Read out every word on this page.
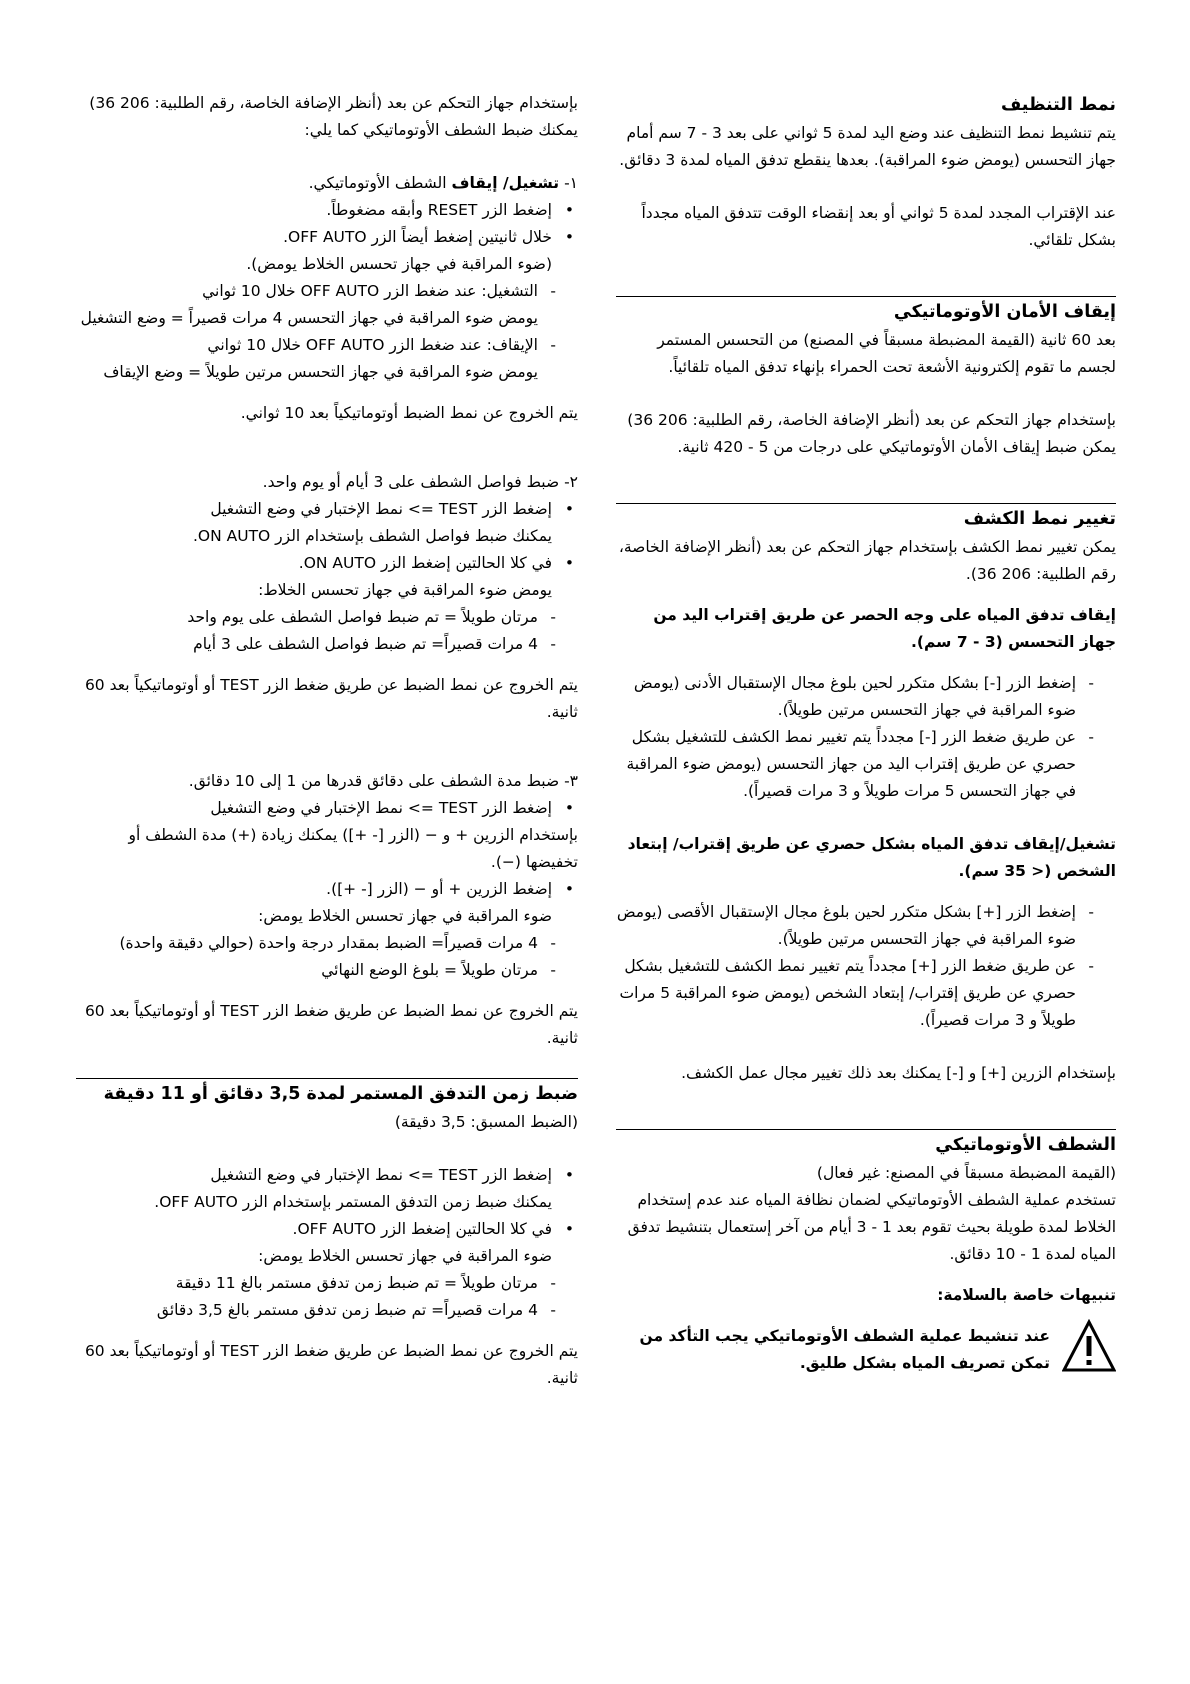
نمط التنظيف

يتم تنشيط نمط التنظيف عند وضع اليد لمدة 5 ثواني على بعد 3 - 7 سم أمام جهاز التحسس (يومض ضوء المراقبة). بعدها ينقطع تدفق المياه لمدة 3 دقائق.

عند الإقتراب المجدد لمدة 5 ثواني أو بعد إنقضاء الوقت تتدفق المياه مجدداً بشكل تلقائي.

إيقاف الأمان الأوتوماتيكي

بعد 60 ثانية (القيمة المضبطة مسبقاً في المصنع) من التحسس المستمر لجسم ما تقوم إلكترونية الأشعة تحت الحمراء بإنهاء تدفق المياه تلقائياً.

بإستخدام جهاز التحكم عن بعد (أنظر الإضافة الخاصة، رقم الطلبية: 206 36) يمكن ضبط إيقاف الأمان الأوتوماتيكي على درجات من 5 - 420 ثانية.

تغيير نمط الكشف

يمكن تغيير نمط الكشف بإستخدام جهاز التحكم عن بعد (أنظر الإضافة الخاصة، رقم الطلبية: 206 36).

إيقاف تدفق المياه على وجه الحصر عن طريق إقتراب اليد من جهاز التحسس (3 - 7 سم).

-
إضغط الزر [-] بشكل متكرر لحين بلوغ مجال الإستقبال الأدنى (يومض ضوء المراقبة في جهاز التحسس مرتين طويلاً).

-
عن طريق ضغط الزر [-] مجدداً يتم تغيير نمط الكشف للتشغيل بشكل حصري عن طريق إقتراب اليد من جهاز التحسس (يومض ضوء المراقبة في جهاز التحسس 5 مرات طويلاً و 3 مرات قصيراً).

تشغيل/إيقاف تدفق المياه بشكل حصري عن طريق إقتراب/ إبتعاد الشخص (< 35 سم).

-
إضغط الزر [+] بشكل متكرر لحين بلوغ مجال الإستقبال الأقصى (يومض ضوء المراقبة في جهاز التحسس مرتين طويلاً).

-
عن طريق ضغط الزر [+] مجدداً يتم تغيير نمط الكشف للتشغيل بشكل حصري عن طريق إقتراب/ إبتعاد الشخص (يومض ضوء المراقبة 5 مرات طويلاً و 3 مرات قصيراً).

بإستخدام الزرين [+] و [-] يمكنك بعد ذلك تغيير مجال عمل الكشف.

الشطف الأوتوماتيكي

(القيمة المضبطة مسبقاً في المصنع: غير فعال)

تستخدم عملية الشطف الأوتوماتيكي لضمان نظافة المياه عند عدم إستخدام الخلاط لمدة طويلة بحيث تقوم بعد 1 - 3 أيام من آخر إستعمال بتنشيط تدفق المياه لمدة 1 - 10 دقائق.

تنبيهات خاصة بالسلامة:

عند تنشيط عملية الشطف الأوتوماتيكي يجب التأكد من تمكن تصريف المياه بشكل طليق.

بإستخدام جهاز التحكم عن بعد (أنظر الإضافة الخاصة، رقم الطلبية: 206 36) يمكنك ضبط الشطف الأوتوماتيكي كما يلي:

١- تشغيل/ إيقاف الشطف الأوتوماتيكي.

•
إضغط الزر RESET وأبقه مضغوطاً.

•
خلال ثانيتين إضغط أيضاً الزر OFF AUTO.

(ضوء المراقبة في جهاز تحسس الخلاط يومض).

-
التشغيل: عند ضغط الزر OFF AUTO خلال 10 ثواني

يومض ضوء المراقبة في جهاز التحسس 4 مرات قصيراً = وضع التشغيل

-
الإيقاف: عند ضغط الزر OFF AUTO خلال 10 ثواني

يومض ضوء المراقبة في جهاز التحسس مرتين طويلاً = وضع الإيقاف

يتم الخروج عن نمط الضبط أوتوماتيكياً بعد 10 ثواني.

٢- ضبط فواصل الشطف على 3 أيام أو يوم واحد.

•
إضغط الزر TEST => نمط الإختبار في وضع التشغيل

يمكنك ضبط فواصل الشطف بإستخدام الزر ON AUTO.

•
في كلا الحالتين إضغط الزر ON AUTO.

يومض ضوء المراقبة في جهاز تحسس الخلاط:

-
مرتان طويلاً = تم ضبط فواصل الشطف على يوم واحد

-
4 مرات قصيراً= تم ضبط فواصل الشطف على 3 أيام

يتم الخروج عن نمط الضبط عن طريق ضغط الزر TEST أو أوتوماتيكياً بعد 60 ثانية.

٣- ضبط مدة الشطف على دقائق قدرها من 1 إلى 10 دقائق.

•
إضغط الزر TEST => نمط الإختبار في وضع التشغيل

بإستخدام الزرين + و − (الزر [- +]) يمكنك زيادة (+) مدة الشطف أو تخفيضها (−).

•
إضغط الزرين + أو − (الزر [- +]).

ضوء المراقبة في جهاز تحسس الخلاط يومض:

-
4 مرات قصيراً= الضبط بمقدار درجة واحدة (حوالي دقيقة واحدة)

-
مرتان طويلاً = بلوغ الوضع النهائي

يتم الخروج عن نمط الضبط عن طريق ضغط الزر TEST أو أوتوماتيكياً بعد 60 ثانية.

ضبط زمن التدفق المستمر لمدة 3,5 دقائق أو 11 دقيقة

(الضبط المسبق: 3,5 دقيقة)

•
إضغط الزر TEST => نمط الإختبار في وضع التشغيل

يمكنك ضبط زمن التدفق المستمر بإستخدام الزر OFF AUTO.

•
في كلا الحالتين إضغط الزر OFF AUTO.

ضوء المراقبة في جهاز تحسس الخلاط يومض:

-
مرتان طويلاً = تم ضبط زمن تدفق مستمر بالغ 11 دقيقة

-
4 مرات قصيراً= تم ضبط زمن تدفق مستمر بالغ 3,5 دقائق

يتم الخروج عن نمط الضبط عن طريق ضغط الزر TEST أو أوتوماتيكياً بعد 60 ثانية.
